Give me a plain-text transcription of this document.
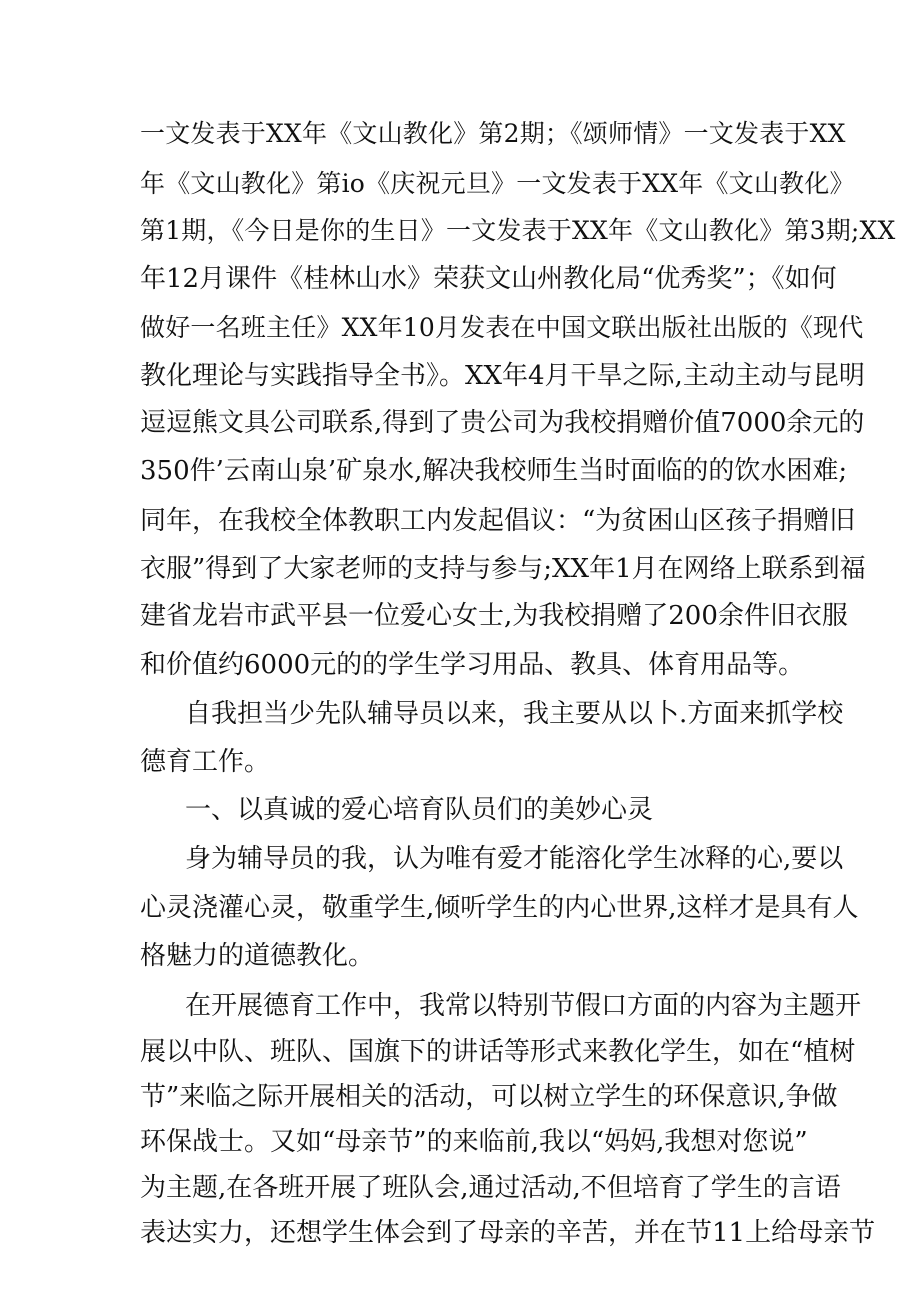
一文发表于XX年《文山教化》第2期；《颂师情》一文发表于XX
年《文山教化》第io《庆祝元旦》一文发表于XX年《文山教化》
第1期，《今日是你的生日》一文发表于XX年《文山教化》第3期;XX
年12月课件《桂林山水》荣获文山州教化局“优秀奖”；《如何
做好一名班主任》XX年10月发表在中国文联出版社出版的《现代
教化理论与实践指导全书》。XX年4月干旱之际,主动主动与昆明
逗逗熊文具公司联系,得到了贵公司为我校捐赠价值7000余元的
350件’云南山泉’矿泉水,解决我校师生当时面临的的饮水困难;
同年，在我校全体教职工内发起倡议：“为贫困山区孩子捐赠旧
衣服”得到了大家老师的支持与参与;XX年1月在网络上联系到福
建省龙岩市武平县一位爱心女士,为我校捐赠了200余件旧衣服
和价值约6000元的的学生学习用品、教具、体育用品等。
自我担当少先队辅导员以来，我主要从以卜.方面来抓学校
德育工作。
一、以真诚的爱心培育队员们的美妙心灵
身为辅导员的我，认为唯有爱才能溶化学生冰释的心,要以
心灵浇灌心灵，敬重学生,倾听学生的内心世界,这样才是具有人
格魅力的道德教化。
在开展德育工作中，我常以特别节假口方面的内容为主题开
展以中队、班队、国旗下的讲话等形式来教化学生，如在“植树
节”来临之际开展相关的活动，可以树立学生的环保意识,争做
环保战士。又如“母亲节”的来临前,我以“妈妈,我想对您说”
为主题,在各班开展了班队会,通过活动,不但培育了学生的言语
表达实力，还想学生体会到了母亲的辛苦，并在节11上给母亲节
